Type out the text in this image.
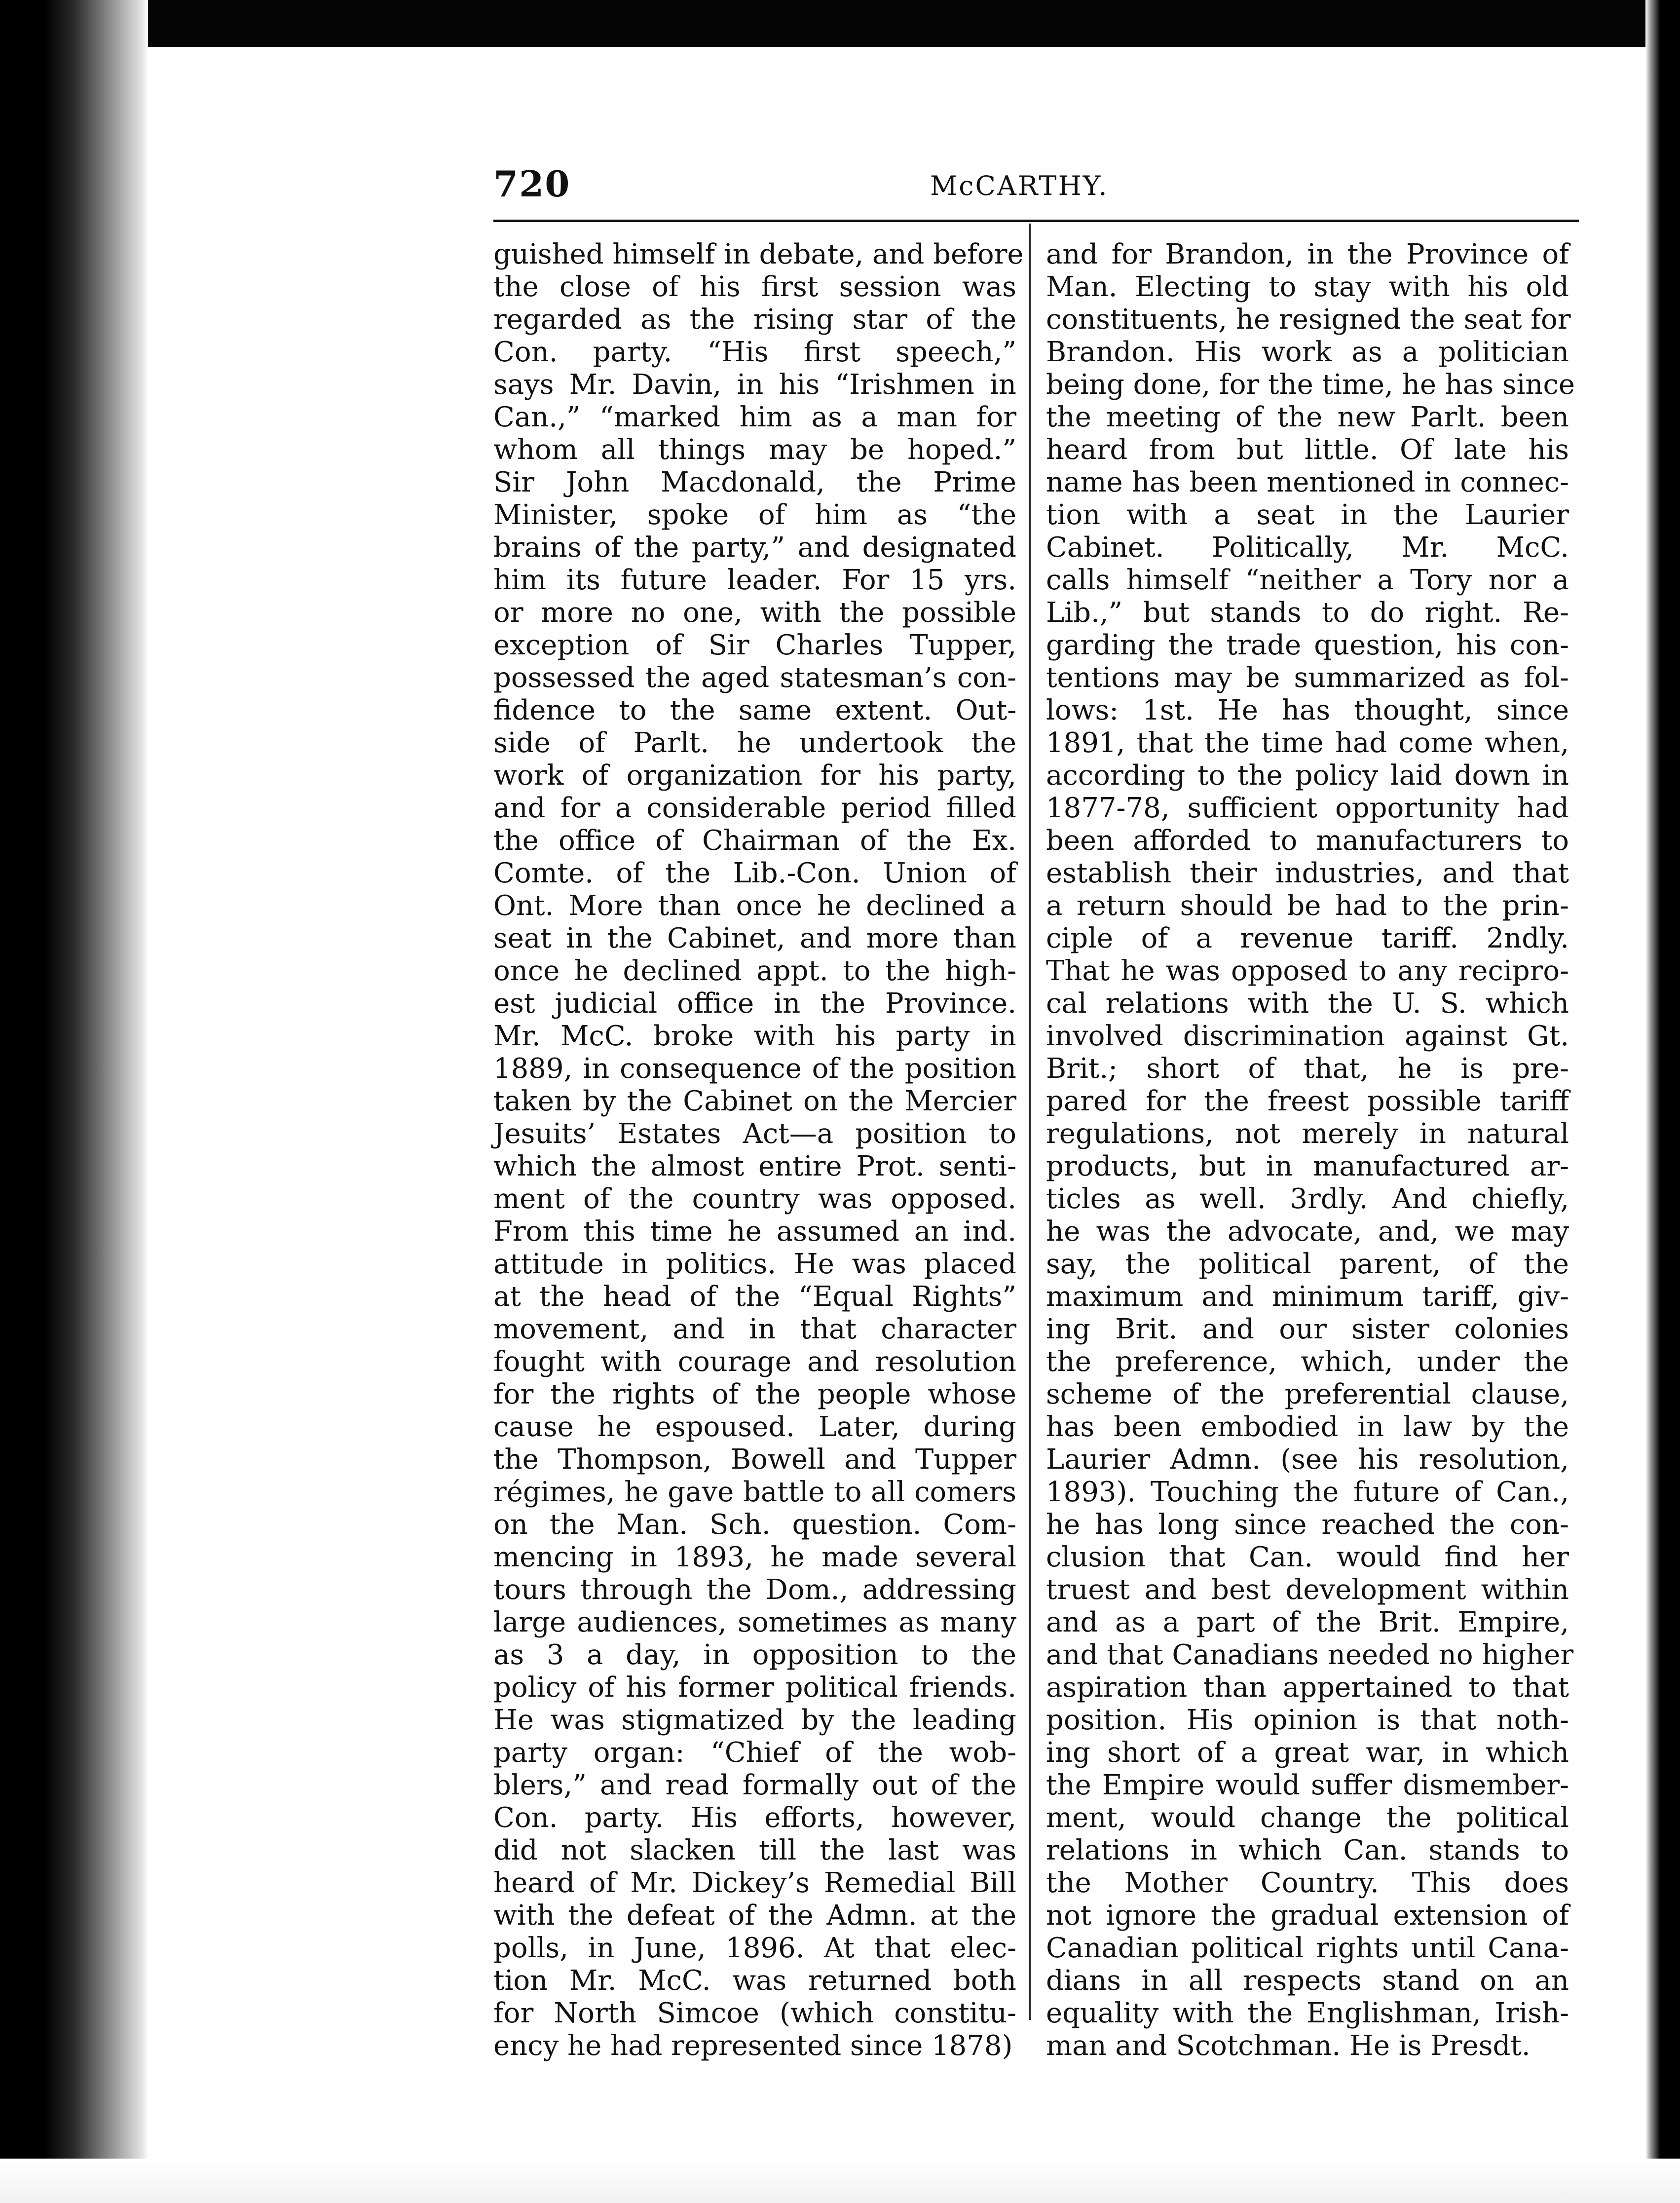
720	McCARTHY.

guished himself in debate, and before
the close of his first session was
regarded as the rising star of the
Con. party. “His first speech,”
says Mr. Davin, in his “Irishmen in
Can.,” “marked him as a man for
whom all things may be hoped.”
Sir John Macdonald, the Prime
Minister, spoke of him as “the
brains of the party,” and designated
him its future leader. For 15 yrs.
or more no one, with the possible
exception of Sir Charles Tupper,
possessed the aged statesman’s con-
fidence to the same extent. Out-
side of Parlt. he undertook the
work of organization for his party,
and for a considerable period filled
the office of Chairman of the Ex.
Comte. of the Lib.-Con. Union of
Ont. More than once he declined a
seat in the Cabinet, and more than
once he declined appt. to the high-
est judicial office in the Province.
Mr. McC. broke with his party in
1889, in consequence of the position
taken by the Cabinet on the Mercier
Jesuits’ Estates Act—a position to
which the almost entire Prot. senti-
ment of the country was opposed.
From this time he assumed an ind.
attitude in politics. He was placed
at the head of the “Equal Rights”
movement, and in that character
fought with courage and resolution
for the rights of the people whose
cause he espoused. Later, during
the Thompson, Bowell and Tupper
régimes, he gave battle to all comers
on the Man. Sch. question. Com-
mencing in 1893, he made several
tours through the Dom., addressing
large audiences, sometimes as many
as 3 a day, in opposition to the
policy of his former political friends.
He was stigmatized by the leading
party organ: “Chief of the wob-
blers,” and read formally out of the
Con. party. His efforts, however,
did not slacken till the last was
heard of Mr. Dickey’s Remedial Bill
with the defeat of the Admn. at the
polls, in June, 1896. At that elec-
tion Mr. McC. was returned both
for North Simcoe (which constitu-
ency he had represented since 1878)
and for Brandon, in the Province of
Man. Electing to stay with his old
constituents, he resigned the seat for
Brandon. His work as a politician
being done, for the time, he has since
the meeting of the new Parlt. been
heard from but little. Of late his
name has been mentioned in connec-
tion with a seat in the Laurier
Cabinet. Politically, Mr. McC.
calls himself “neither a Tory nor a
Lib.,” but stands to do right. Re-
garding the trade question, his con-
tentions may be summarized as fol-
lows: 1st. He has thought, since
1891, that the time had come when,
according to the policy laid down in
1877-78, sufficient opportunity had
been afforded to manufacturers to
establish their industries, and that
a return should be had to the prin-
ciple of a revenue tariff. 2ndly.
That he was opposed to any recipro-
cal relations with the U. S. which
involved discrimination against Gt.
Brit.; short of that, he is pre-
pared for the freest possible tariff
regulations, not merely in natural
products, but in manufactured ar-
ticles as well. 3rdly. And chiefly,
he was the advocate, and, we may
say, the political parent, of the
maximum and minimum tariff, giv-
ing Brit. and our sister colonies
the preference, which, under the
scheme of the preferential clause,
has been embodied in law by the
Laurier Admn. (see his resolution,
1893). Touching the future of Can.,
he has long since reached the con-
clusion that Can. would find her
truest and best development within
and as a part of the Brit. Empire,
and that Canadians needed no higher
aspiration than appertained to that
position. His opinion is that noth-
ing short of a great war, in which
the Empire would suffer dismember-
ment, would change the political
relations in which Can. stands to
the Mother Country. This does
not ignore the gradual extension of
Canadian political rights until Cana-
dians in all respects stand on an
equality with the Englishman, Irish-
man and Scotchman. He is Presdt.
